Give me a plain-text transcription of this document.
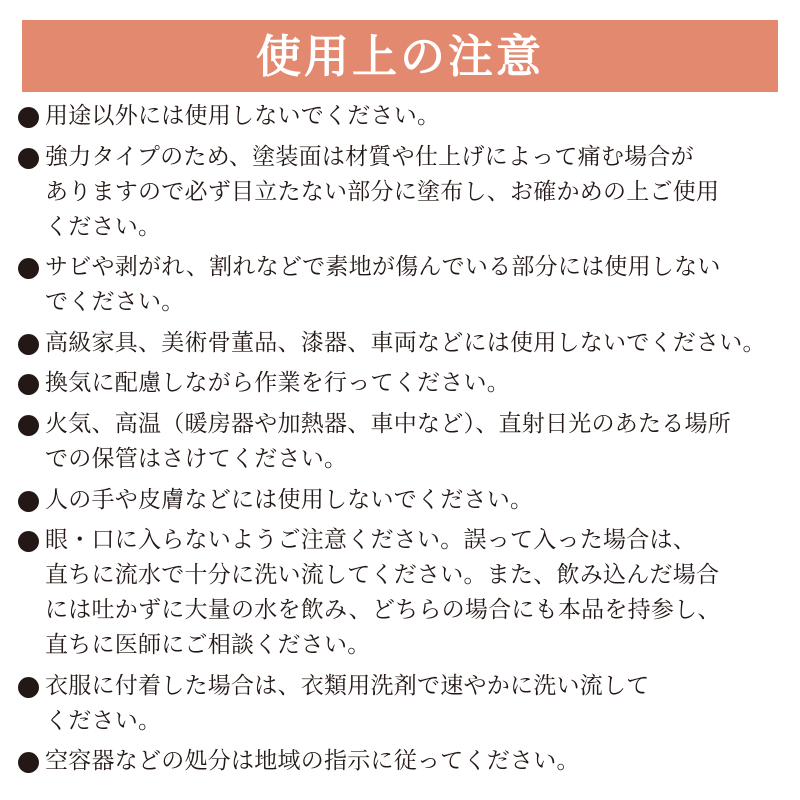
使用上の注意
用途以外には使用しないでください。
強力タイプのため、塗装面は材質や仕上げによって痛む場合が
ありますので必ず目立たない部分に塗布し、お確かめの上ご使用
ください。
サビや剥がれ、割れなどで素地が傷んでいる部分には使用しない
でください。
高級家具、美術骨董品、漆器、車両などには使用しないでください。
換気に配慮しながら作業を行ってください。
火気、高温（暖房器や加熱器、車中など）、直射日光のあたる場所
での保管はさけてください。
人の手や皮膚などには使用しないでください。
眼・口に入らないようご注意ください。誤って入った場合は、
直ちに流水で十分に洗い流してください。また、飲み込んだ場合
には吐かずに大量の水を飲み、どちらの場合にも本品を持参し、
直ちに医師にご相談ください。
衣服に付着した場合は、衣類用洗剤で速やかに洗い流して
ください。
空容器などの処分は地域の指示に従ってください。
